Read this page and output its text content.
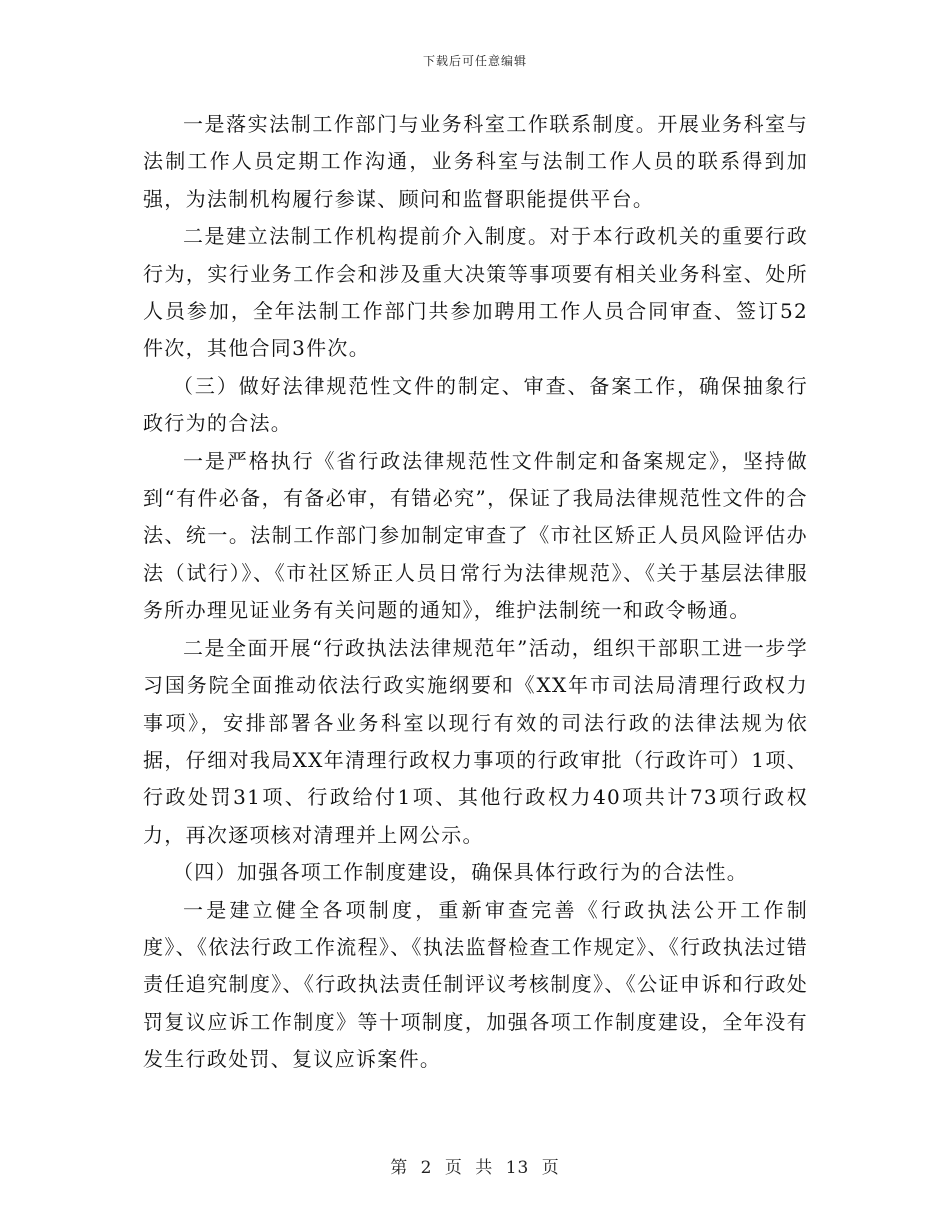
下载后可任意编辑

一是落实法制工作部门与业务科室工作联系制度。开展业务科室与法制工作人员定期工作沟通，业务科室与法制工作人员的联系得到加强，为法制机构履行参谋、顾问和监督职能提供平台。

二是建立法制工作机构提前介入制度。对于本行政机关的重要行政行为，实行业务工作会和涉及重大决策等事项要有相关业务科室、处所人员参加，全年法制工作部门共参加聘用工作人员合同审查、签订52件次，其他合同3件次。

（三）做好法律规范性文件的制定、审查、备案工作，确保抽象行政行为的合法。

一是严格执行《省行政法律规范性文件制定和备案规定》，坚持做到“有件必备，有备必审，有错必究”，保证了我局法律规范性文件的合法、统一。法制工作部门参加制定审查了《市社区矫正人员风险评估办法（试行）》、《市社区矫正人员日常行为法律规范》、《关于基层法律服务所办理见证业务有关问题的通知》，维护法制统一和政令畅通。

二是全面开展“行政执法法律规范年”活动，组织干部职工进一步学习国务院全面推动依法行政实施纲要和《XX年市司法局清理行政权力事项》，安排部署各业务科室以现行有效的司法行政的法律法规为依据，仔细对我局XX年清理行政权力事项的行政审批（行政许可）1项、行政处罚31项、行政给付1项、其他行政权力40项共计73项行政权力，再次逐项核对清理并上网公示。

（四）加强各项工作制度建设，确保具体行政行为的合法性。

一是建立健全各项制度，重新审查完善《行政执法公开工作制度》、《依法行政工作流程》、《执法监督检查工作规定》、《行政执法过错责任追究制度》、《行政执法责任制评议考核制度》、《公证申诉和行政处罚复议应诉工作制度》等十项制度，加强各项工作制度建设，全年没有发生行政处罚、复议应诉案件。

第 2 页 共 13 页
